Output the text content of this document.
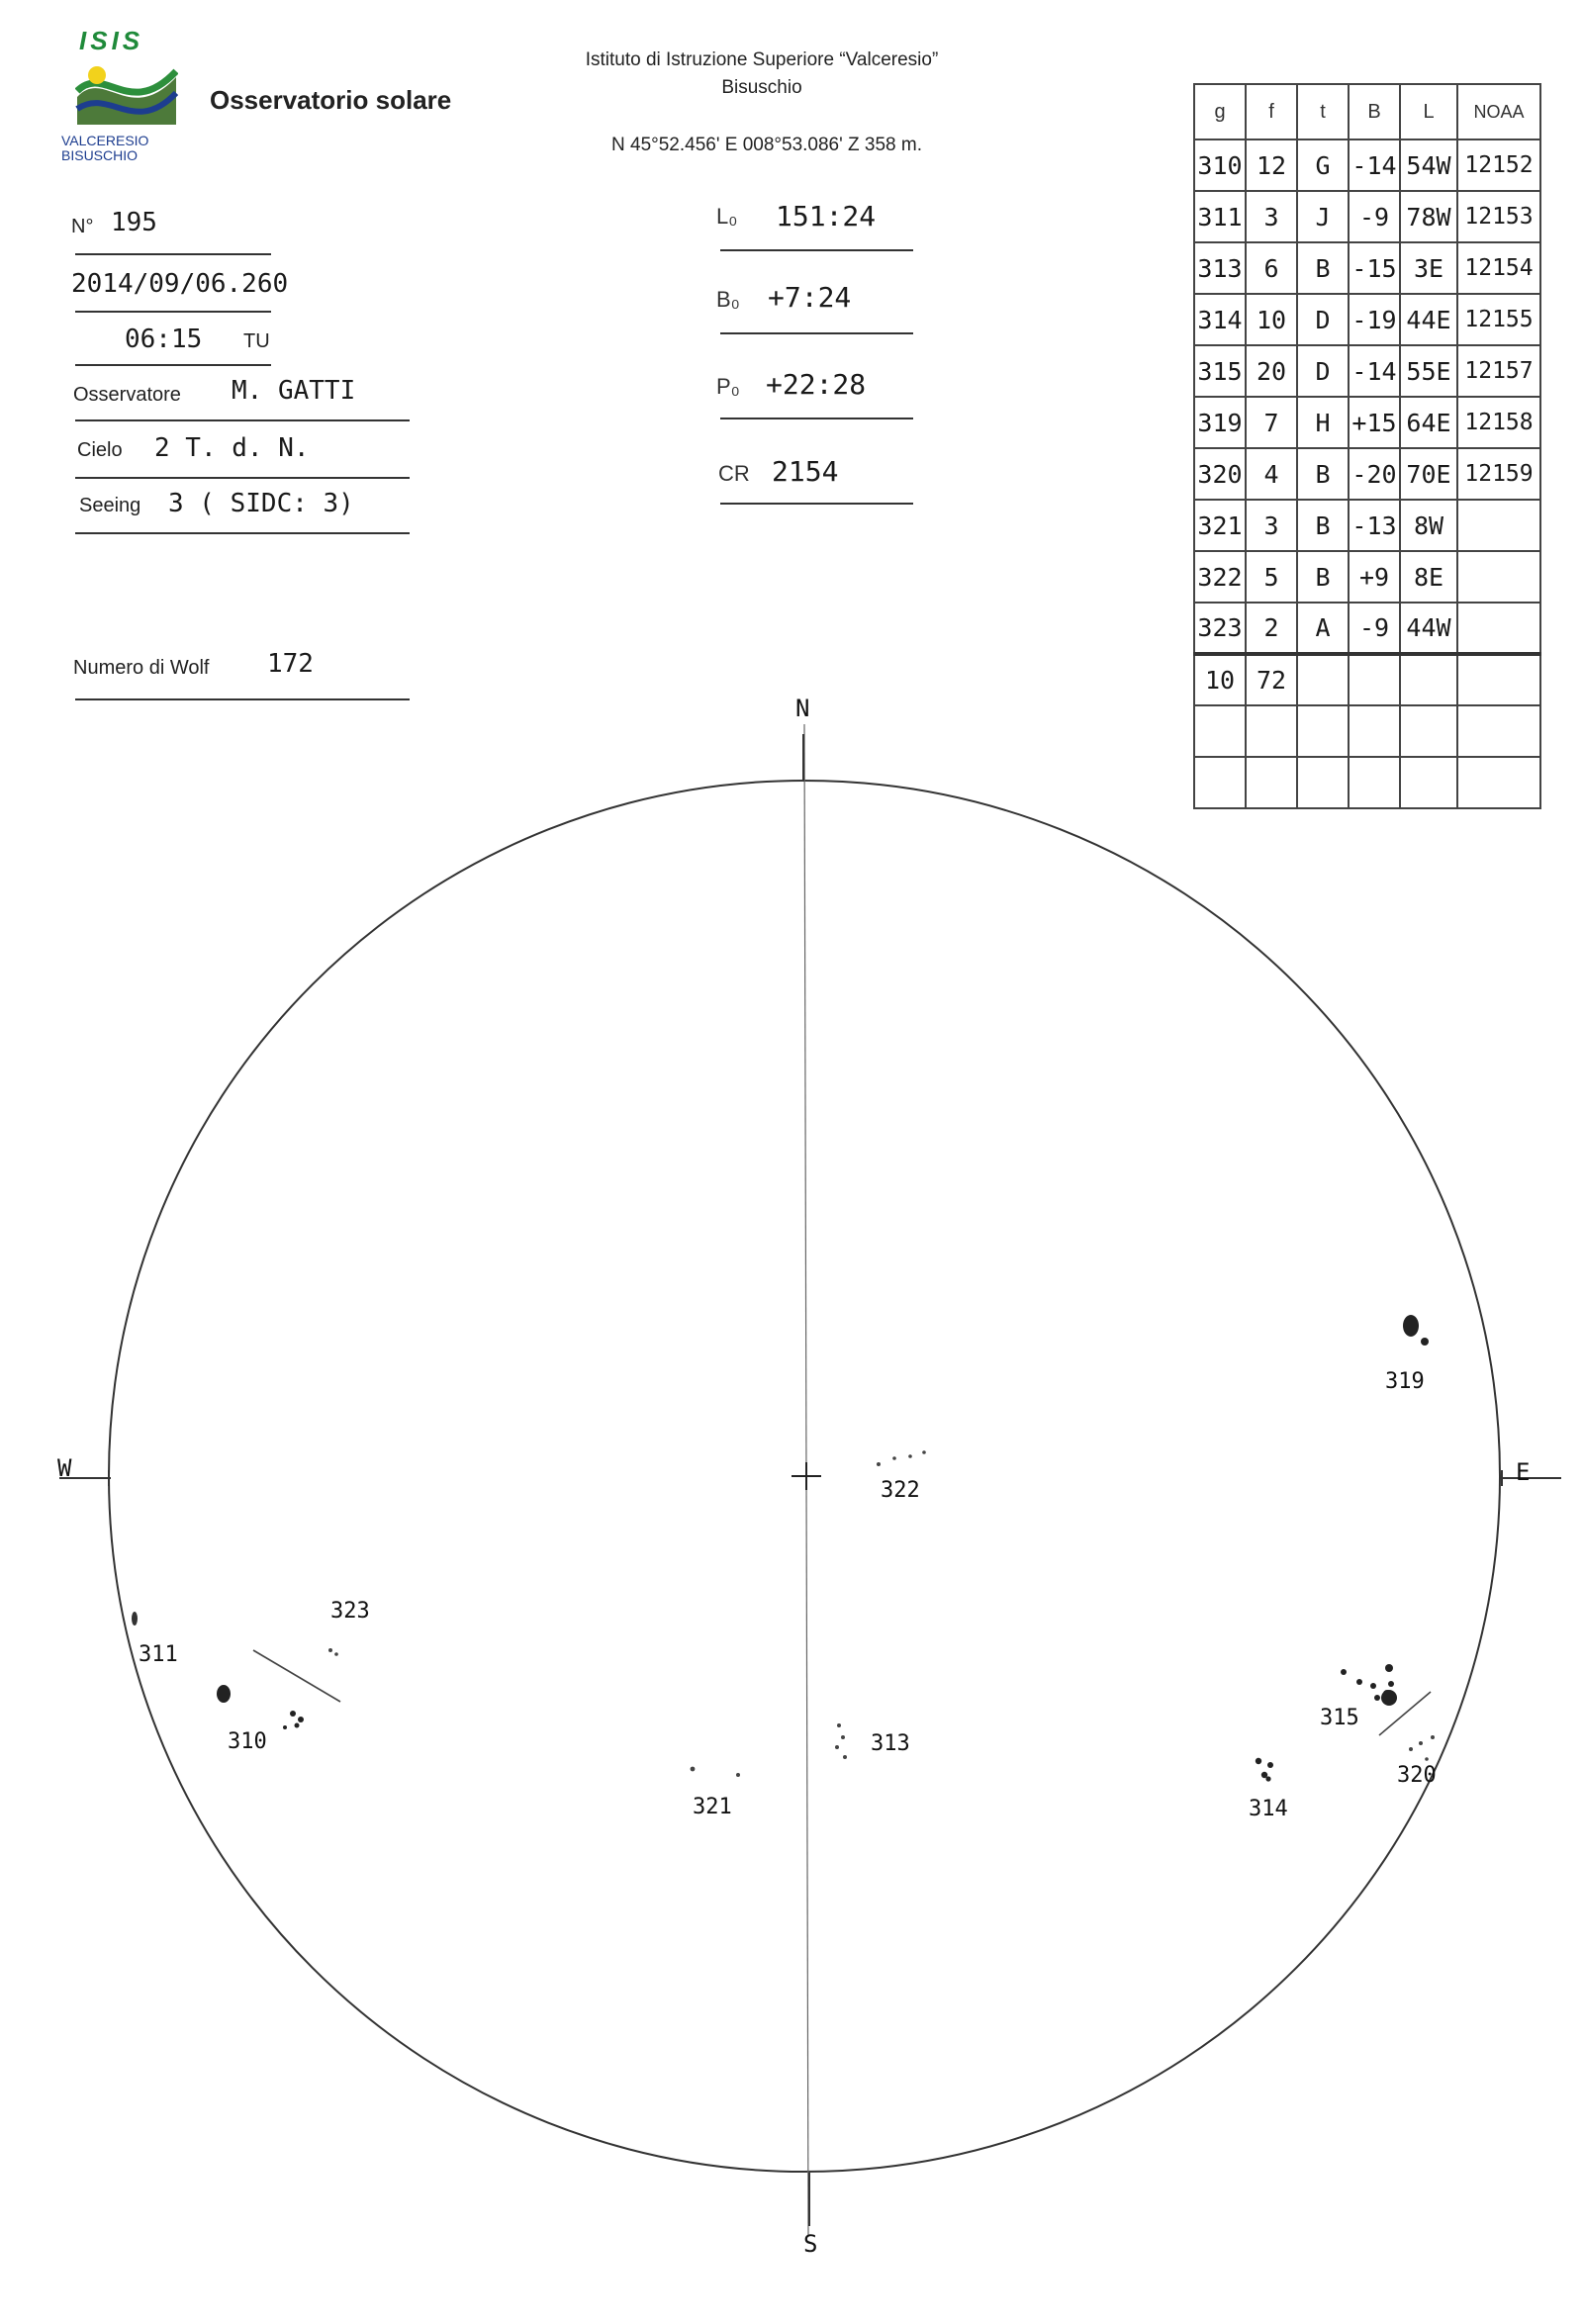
ISIS
VALCERESIO
BISUSCHIO
Osservatorio solare
Istituto di Istruzione Superiore “Valceresio”
Bisuschio
N 45°52.456' E 008°53.086' Z 358 m.
N° 195
2014/09/06.260
06:15 TU
Osservatore M. GATTI
Cielo 2 T. d. N.
Seeing 3 ( SIDC: 3)
Numero di Wolf 172
L₀ 151:24
B₀ +7:24
P₀ +22:28
CR 2154
g	f	t	B	L	NOAA
310	12	G	-14	54W	12152
311	3	J	-9	78W	12153
313	6	B	-15	3E	12154
314	10	D	-19	44E	12155
315	20	D	-14	55E	12157
319	7	H	+15	64E	12158
320	4	B	-20	70E	12159
321	3	B	-13	8W	
322	5	B	+9	8E	
323	2	A	-9	44W	
10	72				

N
S
E
W
319
322
323
311
310	313
321
315
314
320
